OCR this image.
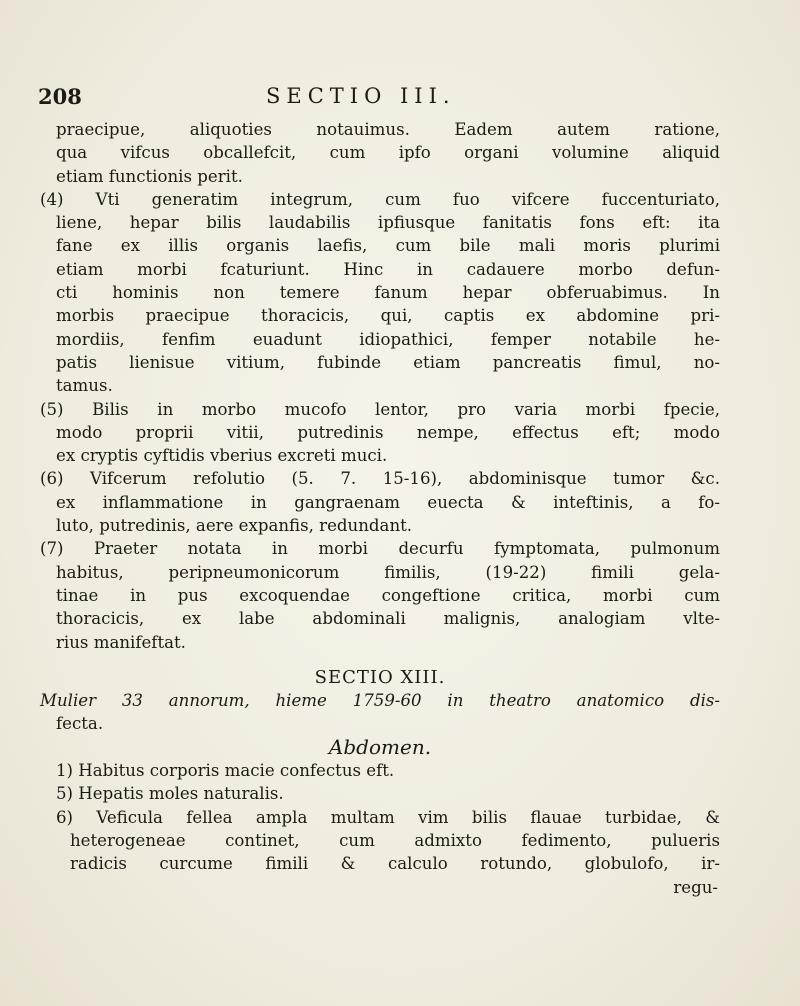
208	SECTIO III.
praecipue, aliquoties notauimus. Eadem autem ratione,
qua vifcus obcallefcit, cum ipfo organi volumine aliquid
etiam functionis perit.
(4) Vti generatim integrum, cum fuo vifcere fuccenturiato,
liene, hepar bilis laudabilis ipfiusque fanitatis fons eft: ita
fane ex illis organis laefis, cum bile mali moris plurimi
etiam morbi fcaturiunt. Hinc in cadauere morbo defun-
cti hominis non temere fanum hepar obferuabimus. In
morbis praecipue thoracicis, qui, captis ex abdomine pri-
mordiis, fenfim euadunt idiopathici, femper notabile he-
patis lienisue vitium, fubinde etiam pancreatis fimul, no-
tamus.
(5) Bilis in morbo mucofo lentor, pro varia morbi fpecie,
modo proprii vitii, putredinis nempe, effectus eft; modo
ex cryptis cyftidis vberius excreti muci.
(6) Vifcerum refolutio (5. 7. 15-16), abdominisque tumor &c.
ex inflammatione in gangraenam euecta & inteftinis, a fo-
luto, putredinis, aere expanfis, redundant.
(7) Praeter notata in morbi decurfu fymptomata, pulmonum
habitus, peripneumonicorum fimilis, (19-22) fimili gela-
tinae in pus excoquendae congeftione critica, morbi cum
thoracicis, ex labe abdominali malignis, analogiam vlte-
rius manifeftat.
SECTIO XIII.
Mulier 33 annorum, hieme 1759-60 in theatro anatomico dis-
fecta.
Abdomen.
1) Habitus corporis macie confectus eft.
5) Hepatis moles naturalis.
6) Veficula fellea ampla multam vim bilis flauae turbidae, &
heterogeneae continet, cum admixto fedimento, pulueris
radicis curcume fimili & calculo rotundo, globulofo, ir-
regu-
